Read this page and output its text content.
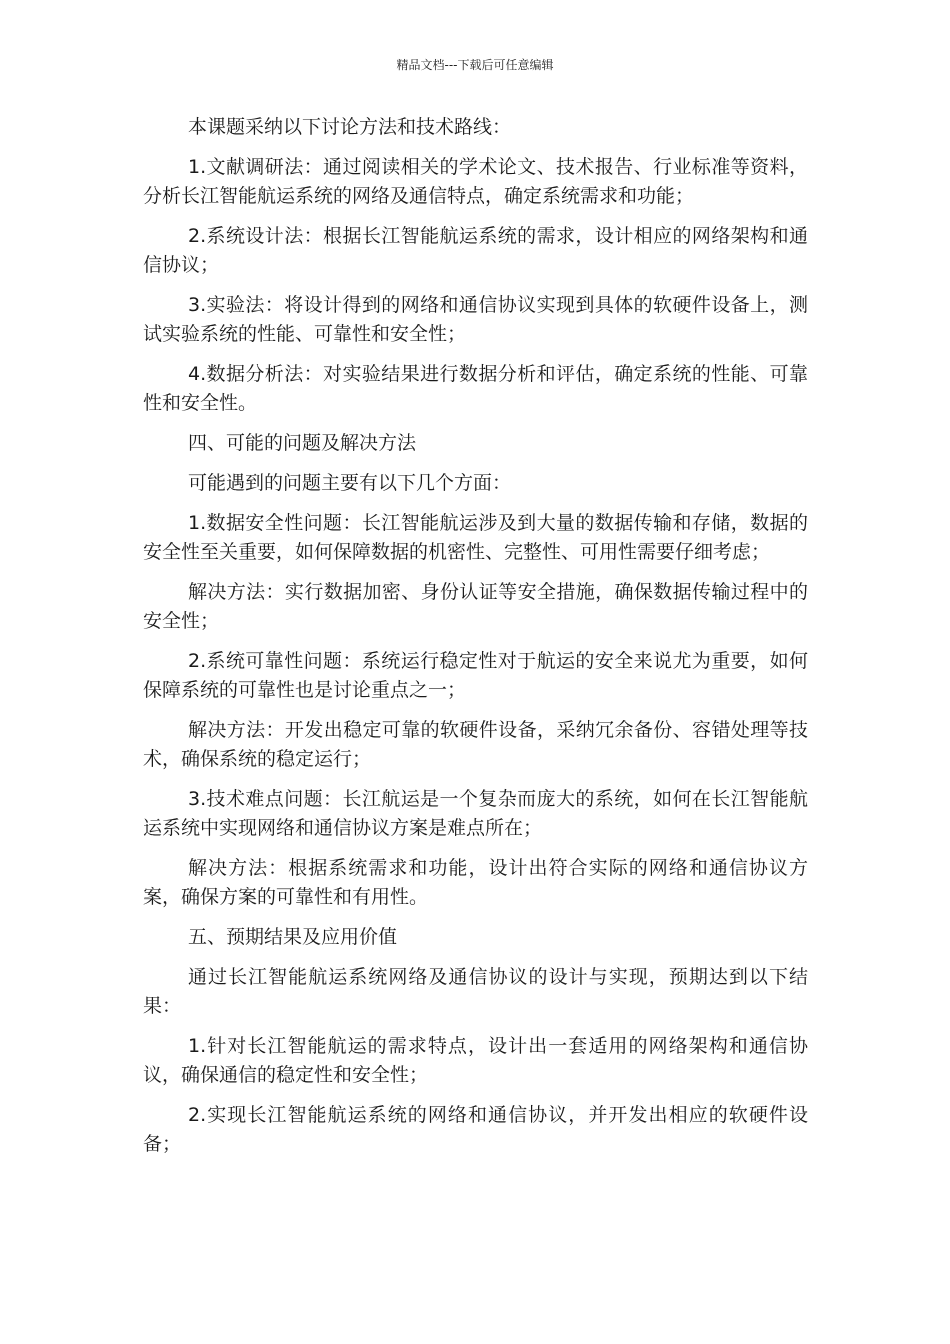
精品文档---下载后可任意编辑

本课题采纳以下讨论方法和技术路线：

1.文献调研法：通过阅读相关的学术论文、技术报告、行业标准等资料，分析长江智能航运系统的网络及通信特点，确定系统需求和功能；

2.系统设计法：根据长江智能航运系统的需求，设计相应的网络架构和通信协议；

3.实验法：将设计得到的网络和通信协议实现到具体的软硬件设备上，测试实验系统的性能、可靠性和安全性；

4.数据分析法：对实验结果进行数据分析和评估，确定系统的性能、可靠性和安全性。

四、可能的问题及解决方法

可能遇到的问题主要有以下几个方面：

1.数据安全性问题：长江智能航运涉及到大量的数据传输和存储，数据的安全性至关重要，如何保障数据的机密性、完整性、可用性需要仔细考虑；

解决方法：实行数据加密、身份认证等安全措施，确保数据传输过程中的安全性；

2.系统可靠性问题：系统运行稳定性对于航运的安全来说尤为重要，如何保障系统的可靠性也是讨论重点之一；

解决方法：开发出稳定可靠的软硬件设备，采纳冗余备份、容错处理等技术，确保系统的稳定运行；

3.技术难点问题：长江航运是一个复杂而庞大的系统，如何在长江智能航运系统中实现网络和通信协议方案是难点所在；

解决方法：根据系统需求和功能，设计出符合实际的网络和通信协议方案，确保方案的可靠性和有用性。

五、预期结果及应用价值

通过长江智能航运系统网络及通信协议的设计与实现，预期达到以下结果：

1.针对长江智能航运的需求特点，设计出一套适用的网络架构和通信协议，确保通信的稳定性和安全性；

2.实现长江智能航运系统的网络和通信协议，并开发出相应的软硬件设备；
